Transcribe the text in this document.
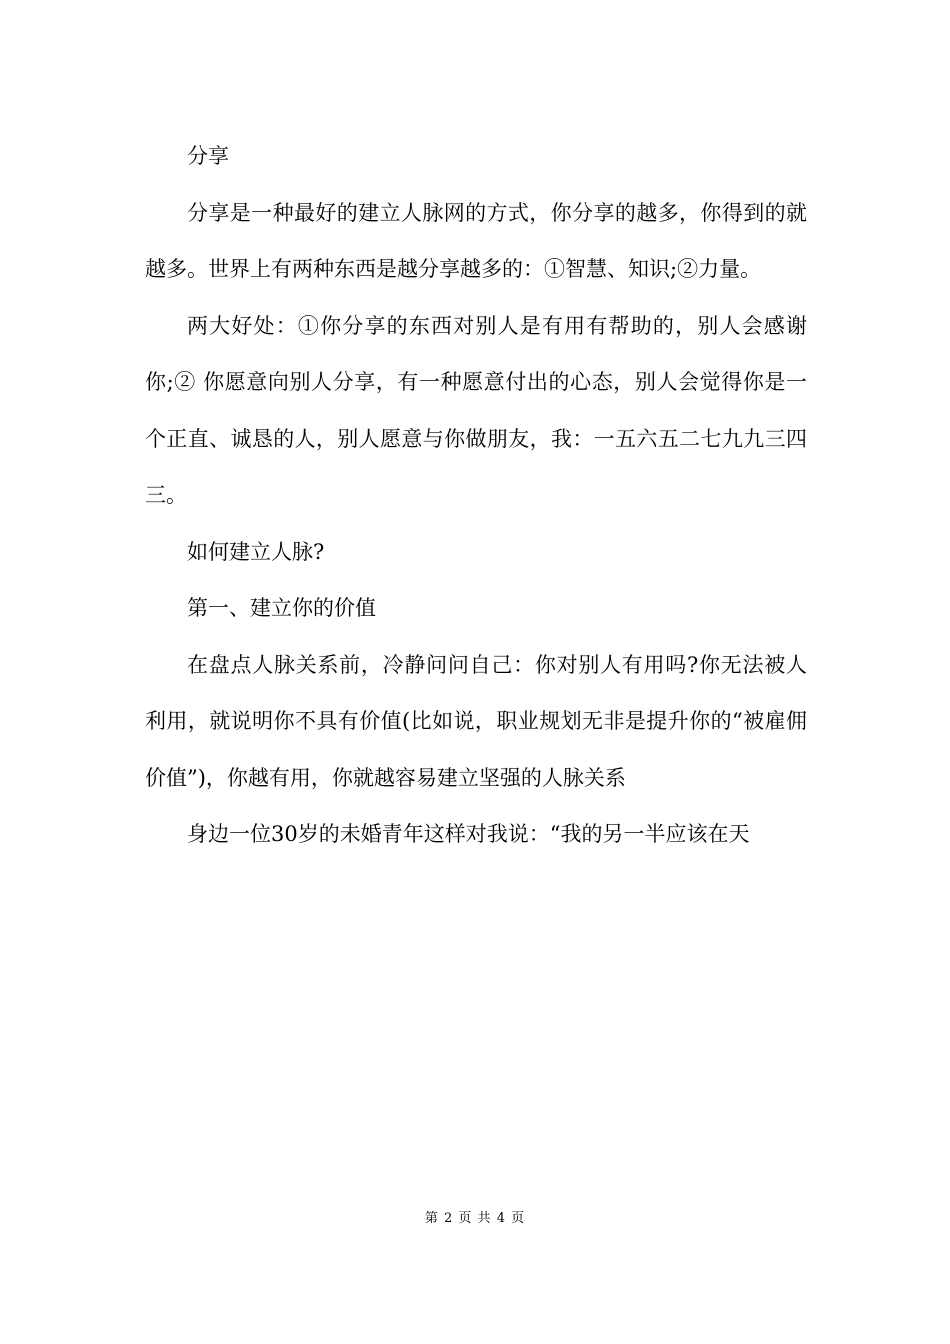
分享

分享是一种最好的建立人脉网的方式，你分享的越多，你得到的就越多。世界上有两种东西是越分享越多的：①智慧、知识;②力量。

两大好处：①你分享的东西对别人是有用有帮助的，别人会感谢你;② 你愿意向别人分享，有一种愿意付出的心态，别人会觉得你是一个正直、诚恳的人，别人愿意与你做朋友，我：一五六五二七九九三四三。

如何建立人脉?

第一、建立你的价值

在盘点人脉关系前，冷静问问自己：你对别人有用吗?你无法被人利用，就说明你不具有价值(比如说，职业规划无非是提升你的“被雇佣价值”)，你越有用，你就越容易建立坚强的人脉关系

身边一位30岁的未婚青年这样对我说：“我的另一半应该在天

第 2 页 共 4 页
